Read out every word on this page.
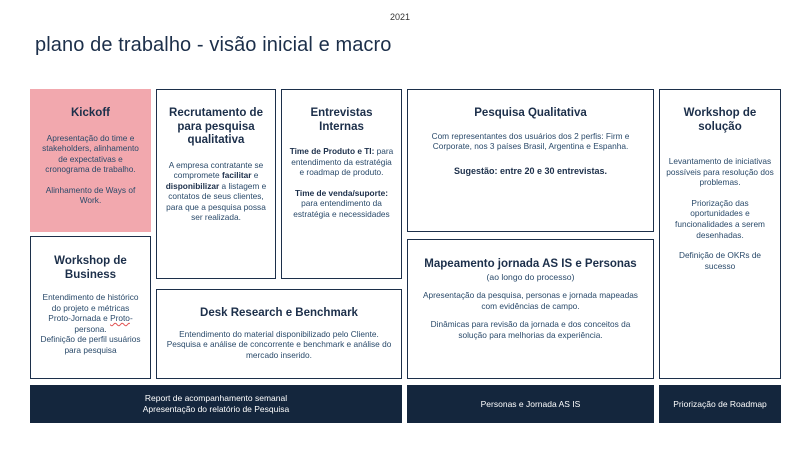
2021
plano de trabalho - visão inicial e macro
Kickoff

Apresentação do time e stakeholders, alinhamento de expectativas e cronograma de trabalho.

Alinhamento de Ways of Work.

Recrutamento de para pesquisa qualitativa

A empresa contratante se compromete facilitar e disponibilizar a listagem e contatos de seus clientes, para que a pesquisa possa ser realizada.

Entrevistas Internas

Time de Produto e TI: para entendimento da estratégia e roadmap de produto.

Time de venda/suporte: para entendimento da estratégia e necessidades

Pesquisa Qualitativa

Com representantes dos usuários dos 2 perfis: Firm e Corporate, nos 3 países Brasil, Argentina e Espanha.

Sugestão: entre 20 e 30 entrevistas.

Workshop de solução

Levantamento de iniciativas possíveis para resolução dos problemas.

Priorização das oportunidades e funcionalidades a serem desenhadas.

Definição de OKRs de sucesso

Workshop de Business

Entendimento de histórico do projeto e métricas

Proto-Jornada e Proto-persona.

Definição de perfil usuários para pesquisa

Desk Research e Benchmark

Entendimento do material disponibilizado pelo Cliente. Pesquisa e análise de concorrente e benchmark e análise do mercado inserido.

Mapeamento jornada AS IS e Personas

(ao longo do processo)

Apresentação da pesquisa, personas e jornada mapeadas com evidências de campo.

Dinâmicas para revisão da jornada e dos conceitos da solução para melhorias da experiência.

Report de acompanhamento semanal
Apresentação do relatório de Pesquisa
Personas e Jornada AS IS	Priorização de Roadmap
